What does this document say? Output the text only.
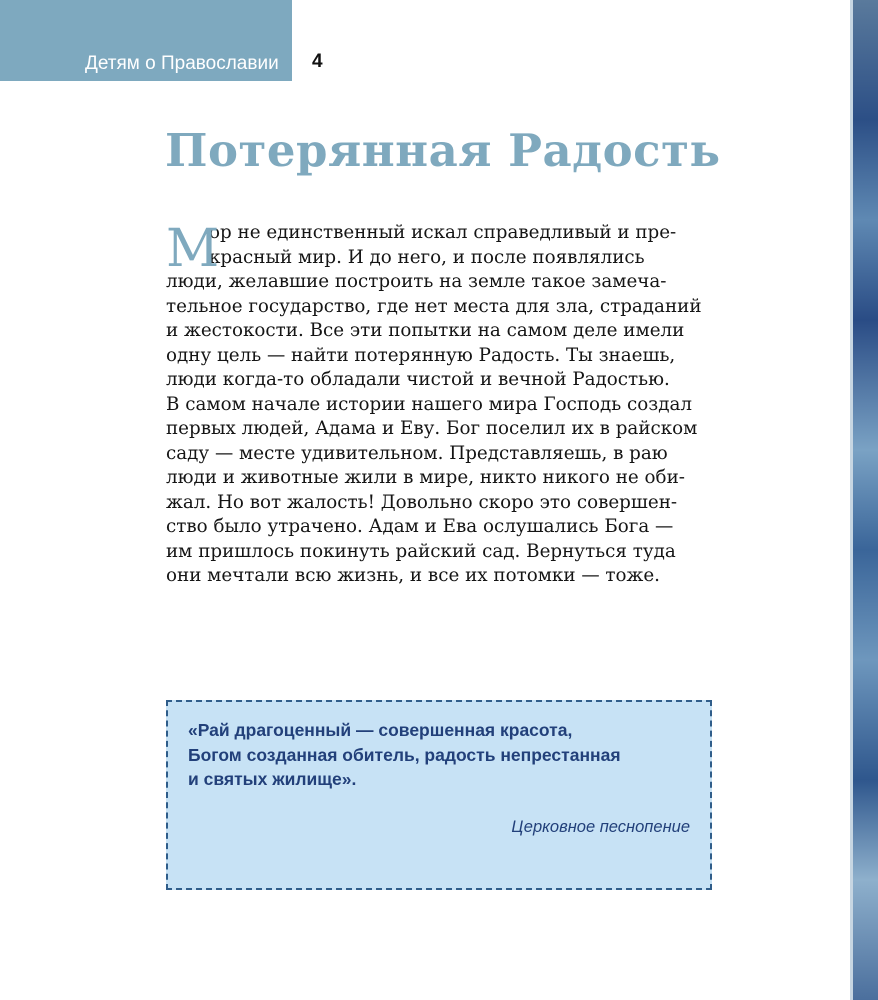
Детям о Православии 4
Потерянная Радость
М
ор не единственный искал справедливый и пре-
красный мир. И до него, и после появлялись
люди, желавшие построить на земле такое замеча-
тельное государство, где нет места для зла, страданий
и жестокости. Все эти попытки на самом деле имели
одну цель — найти потерянную Радость. Ты знаешь,
люди когда-то обладали чистой и вечной Радостью.
В самом начале истории нашего мира Господь создал
первых людей, Адама и Еву. Бог поселил их в райском
саду — месте удивительном. Представляешь, в раю
люди и животные жили в мире, никто никого не оби-
жал. Но вот жалость! Довольно скоро это совершен-
ство было утрачено. Адам и Ева ослушались Бога —
им пришлось покинуть райский сад. Вернуться туда
они мечтали всю жизнь, и все их потомки — тоже.
«Рай драгоценный — совершенная красота,
Богом созданная обитель, радость непрестанная
и святых жилище».
Церковное песнопение
